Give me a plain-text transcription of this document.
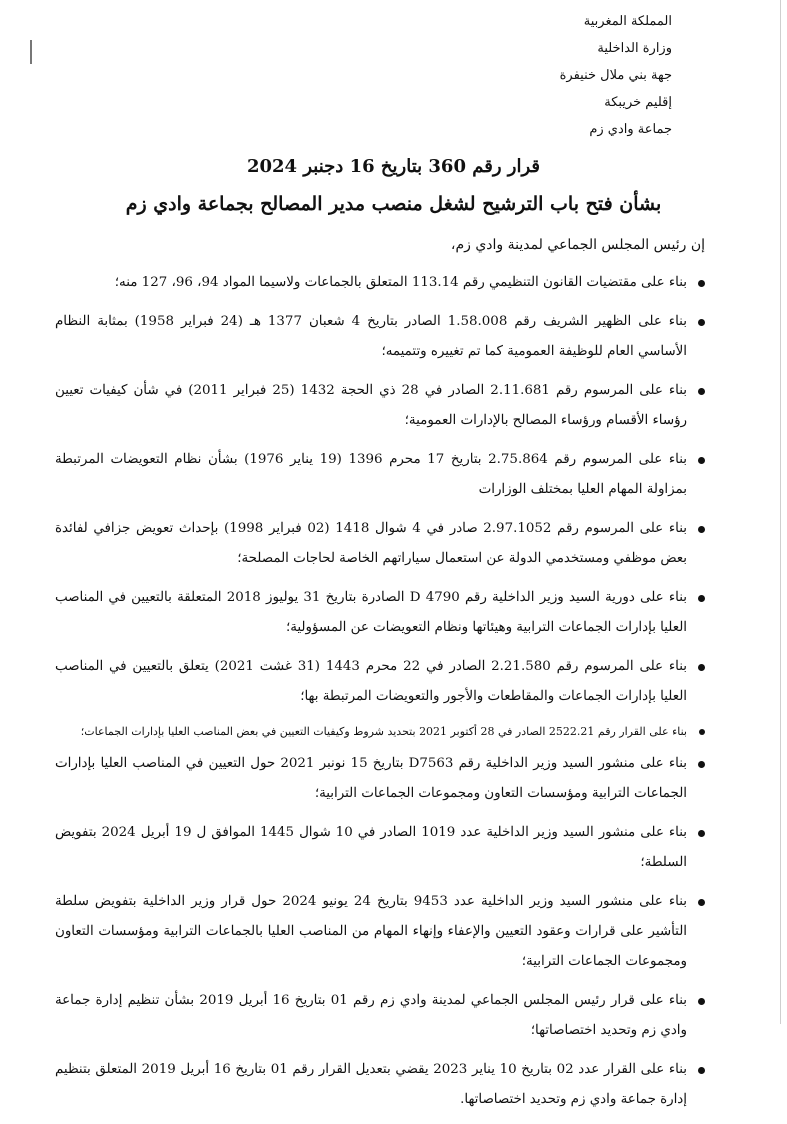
المملكة المغربية
وزارة الداخلية
جهة بني ملال خنيفرة
إقليم خريبكة
جماعة وادي زم
قرار رقم 360 بتاريخ 16 دجنبر 2024
بشأن فتح باب الترشيح لشغل منصب مدير المصالح بجماعة وادي زم
إن رئيس المجلس الجماعي لمدينة وادي زم،
بناء على مقتضيات القانون التنظيمي رقم 113.14 المتعلق بالجماعات ولاسيما المواد 94، 96، 127 منه؛
بناء على الظهير الشريف رقم 1.58.008 الصادر بتاريخ 4 شعبان 1377 هـ (24 فبراير 1958) بمثابة النظام الأساسي العام للوظيفة العمومية كما تم تغييره وتتميمه؛
بناء على المرسوم رقم 2.11.681 الصادر في 28 ذي الحجة 1432 (25 فبراير 2011) في شأن كيفيات تعيين رؤساء الأقسام ورؤساء المصالح بالإدارات العمومية؛
بناء على المرسوم رقم 2.75.864 بتاريخ 17 محرم 1396 (19 يناير 1976) بشأن نظام التعويضات المرتبطة بمزاولة المهام العليا بمختلف الوزارات
بناء على المرسوم رقم 2.97.1052 صادر في 4 شوال 1418 (02 فبراير 1998) بإحداث تعويض جزافي لفائدة بعض موظفي ومستخدمي الدولة عن استعمال سياراتهم الخاصة لحاجات المصلحة؛
بناء على دورية السيد وزير الداخلية رقم D 4790 الصادرة بتاريخ 31 يوليوز 2018 المتعلقة بالتعيين في المناصب العليا بإدارات الجماعات الترابية وهيئاتها ونظام التعويضات عن المسؤولية؛
بناء على المرسوم رقم 2.21.580 الصادر في 22 محرم 1443 (31 غشت 2021) يتعلق بالتعيين في المناصب العليا بإدارات الجماعات والمقاطعات والأجور والتعويضات المرتبطة بها؛
بناء على القرار رقم 2522.21 الصادر في 28 أكتوبر 2021 بتحديد شروط وكيفيات التعيين في بعض المناصب العليا بإدارات الجماعات؛
بناء على منشور السيد وزير الداخلية رقم D7563 بتاريخ 15 نونبر 2021 حول التعيين في المناصب العليا بإدارات الجماعات الترابية ومؤسسات التعاون ومجموعات الجماعات الترابية؛
بناء على منشور السيد وزير الداخلية عدد 1019 الصادر في 10 شوال 1445 الموافق ل 19 أبريل 2024 بتفويض السلطة؛
بناء على منشور السيد وزير الداخلية عدد 9453 بتاريخ 24 يونيو 2024 حول قرار وزير الداخلية بتفويض سلطة التأشير على قرارات وعقود التعيين والإعفاء وإنهاء المهام من المناصب العليا بالجماعات الترابية ومؤسسات التعاون ومجموعات الجماعات الترابية؛
بناء على قرار رئيس المجلس الجماعي لمدينة وادي زم رقم 01 بتاريخ 16 أبريل 2019 بشأن تنظيم إدارة جماعة وادي زم وتحديد اختصاصاتها؛
بناء على القرار عدد 02 بتاريخ 10 يناير 2023 يقضي بتعديل القرار رقم 01 بتاريخ 16 أبريل 2019 المتعلق بتنظيم إدارة جماعة وادي زم وتحديد اختصاصاتها.
